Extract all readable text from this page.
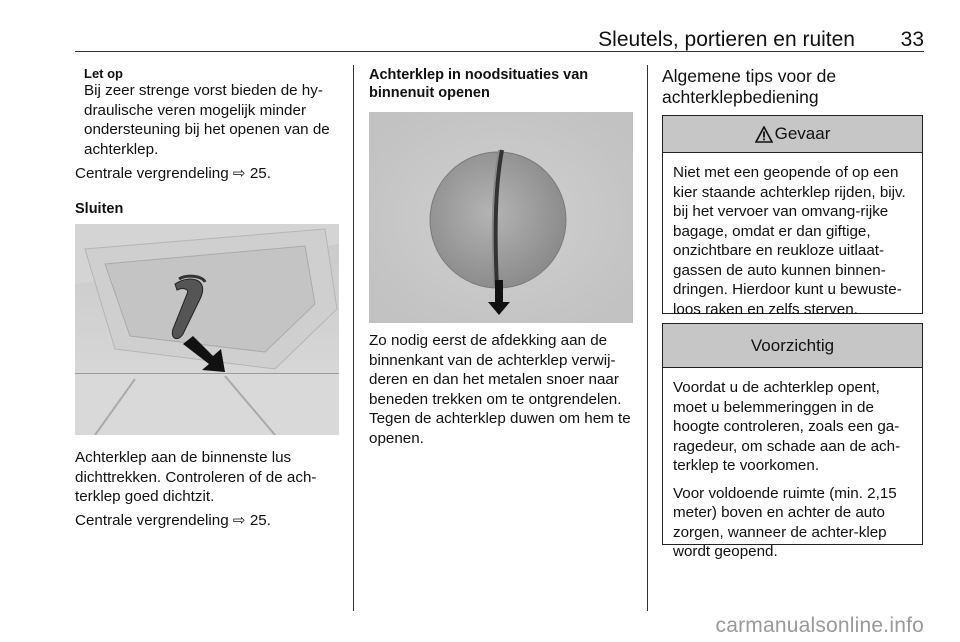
Sleutels, portieren en ruiten 33
Let op
Bij zeer strenge vorst bieden de hy-draulische veren mogelijk minder ondersteuning bij het openen van de achterklep.
Centrale vergrendeling ⇨ 25.
Sluiten
Achterklep aan de binnenste lus dichttrekken. Controleren of de ach-terklep goed dichtzit.
Centrale vergrendeling ⇨ 25.
Achterklep in noodsituaties van binnenuit openen
Zo nodig eerst de afdekking aan de binnenkant van de achterklep verwij-deren en dan het metalen snoer naar beneden trekken om te ontgrendelen. Tegen de achterklep duwen om hem te openen.
Algemene tips voor de achterklepbediening
Gevaar
Niet met een geopende of op een kier staande achterklep rijden, bijv. bij het vervoer van omvang-rijke bagage, omdat er dan giftige, onzichtbare en reukloze uitlaat-gassen de auto kunnen binnen-dringen. Hierdoor kunt u bewuste-loos raken en zelfs sterven.
Voorzichtig

Voordat u de achterklep opent, moet u belemmeringgen in de hoogte controleren, zoals een ga-ragedeur, om schade aan de ach-terklep te voorkomen.

Voor voldoende ruimte (min. 2,15 meter) boven en achter de auto zorgen, wanneer de achter-klep wordt geopend.

carmanualsonline.info
